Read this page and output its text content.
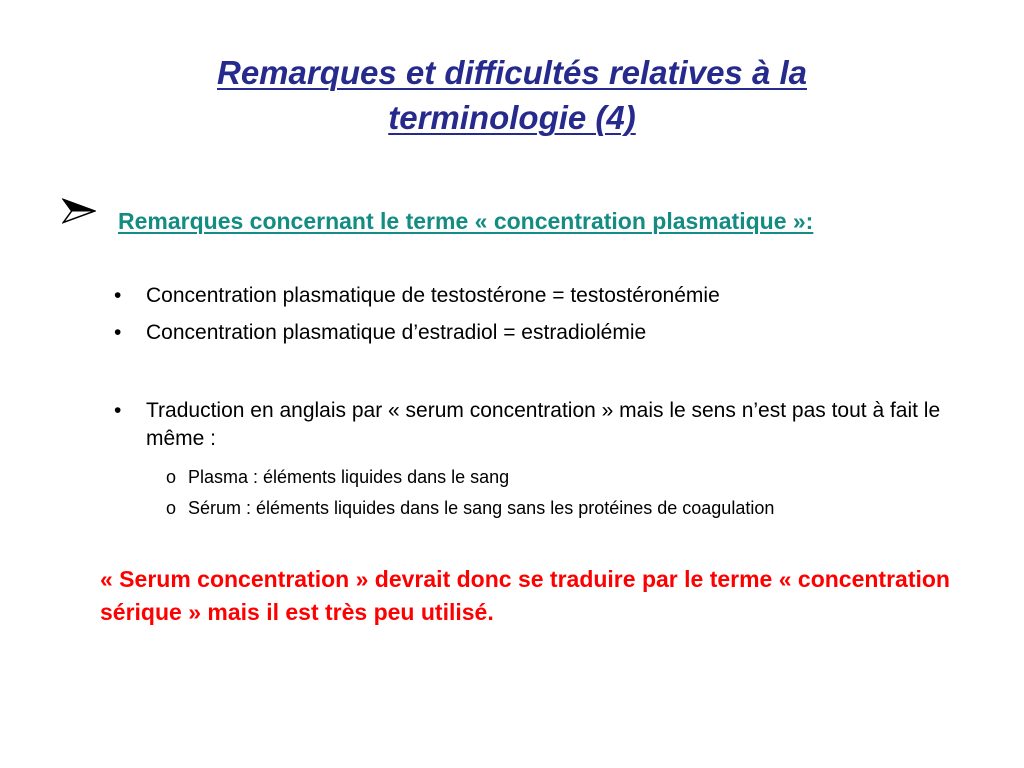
Remarques et difficultés relatives à la
terminologie (4)
Remarques concernant le terme « concentration plasmatique »:
• Concentration plasmatique de testostérone = testostéronémie
• Concentration plasmatique d’estradiol = estradiolémie
• Traduction en anglais par « serum concentration » mais le sens n’est pas tout à fait le même :
o Plasma : éléments liquides dans le sang
o Sérum : éléments liquides dans le sang sans les protéines de coagulation

« Serum concentration » devrait donc se traduire par le terme « concentration sérique » mais il est très peu utilisé.
